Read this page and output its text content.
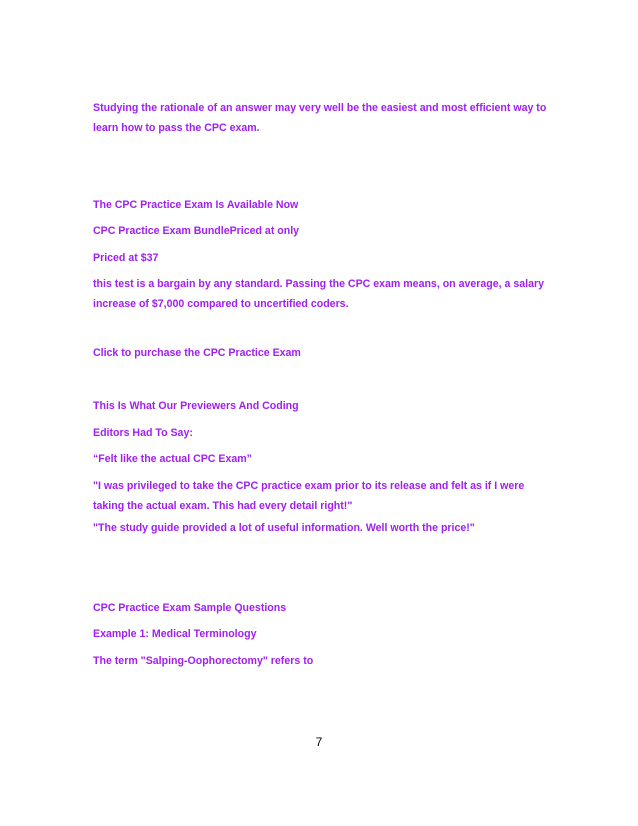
Studying the rationale of an answer may very well be the easiest and most efficient way to learn how to pass the CPC exam.

The CPC Practice Exam Is Available Now

CPC Practice Exam BundlePriced at only

Priced at $37

this test is a bargain by any standard. Passing the CPC exam means, on average, a salary increase of $7,000 compared to uncertified coders.

Click to purchase the CPC Practice Exam

This Is What Our Previewers And Coding

Editors Had To Say:

“Felt like the actual CPC Exam”

"I was privileged to take the CPC practice exam prior to its release and felt as if I were taking the actual exam. This had every detail right!"

"The study guide provided a lot of useful information. Well worth the price!"

CPC Practice Exam Sample Questions

Example 1: Medical Terminology

The term "Salping-Oophorectomy" refers to

7
